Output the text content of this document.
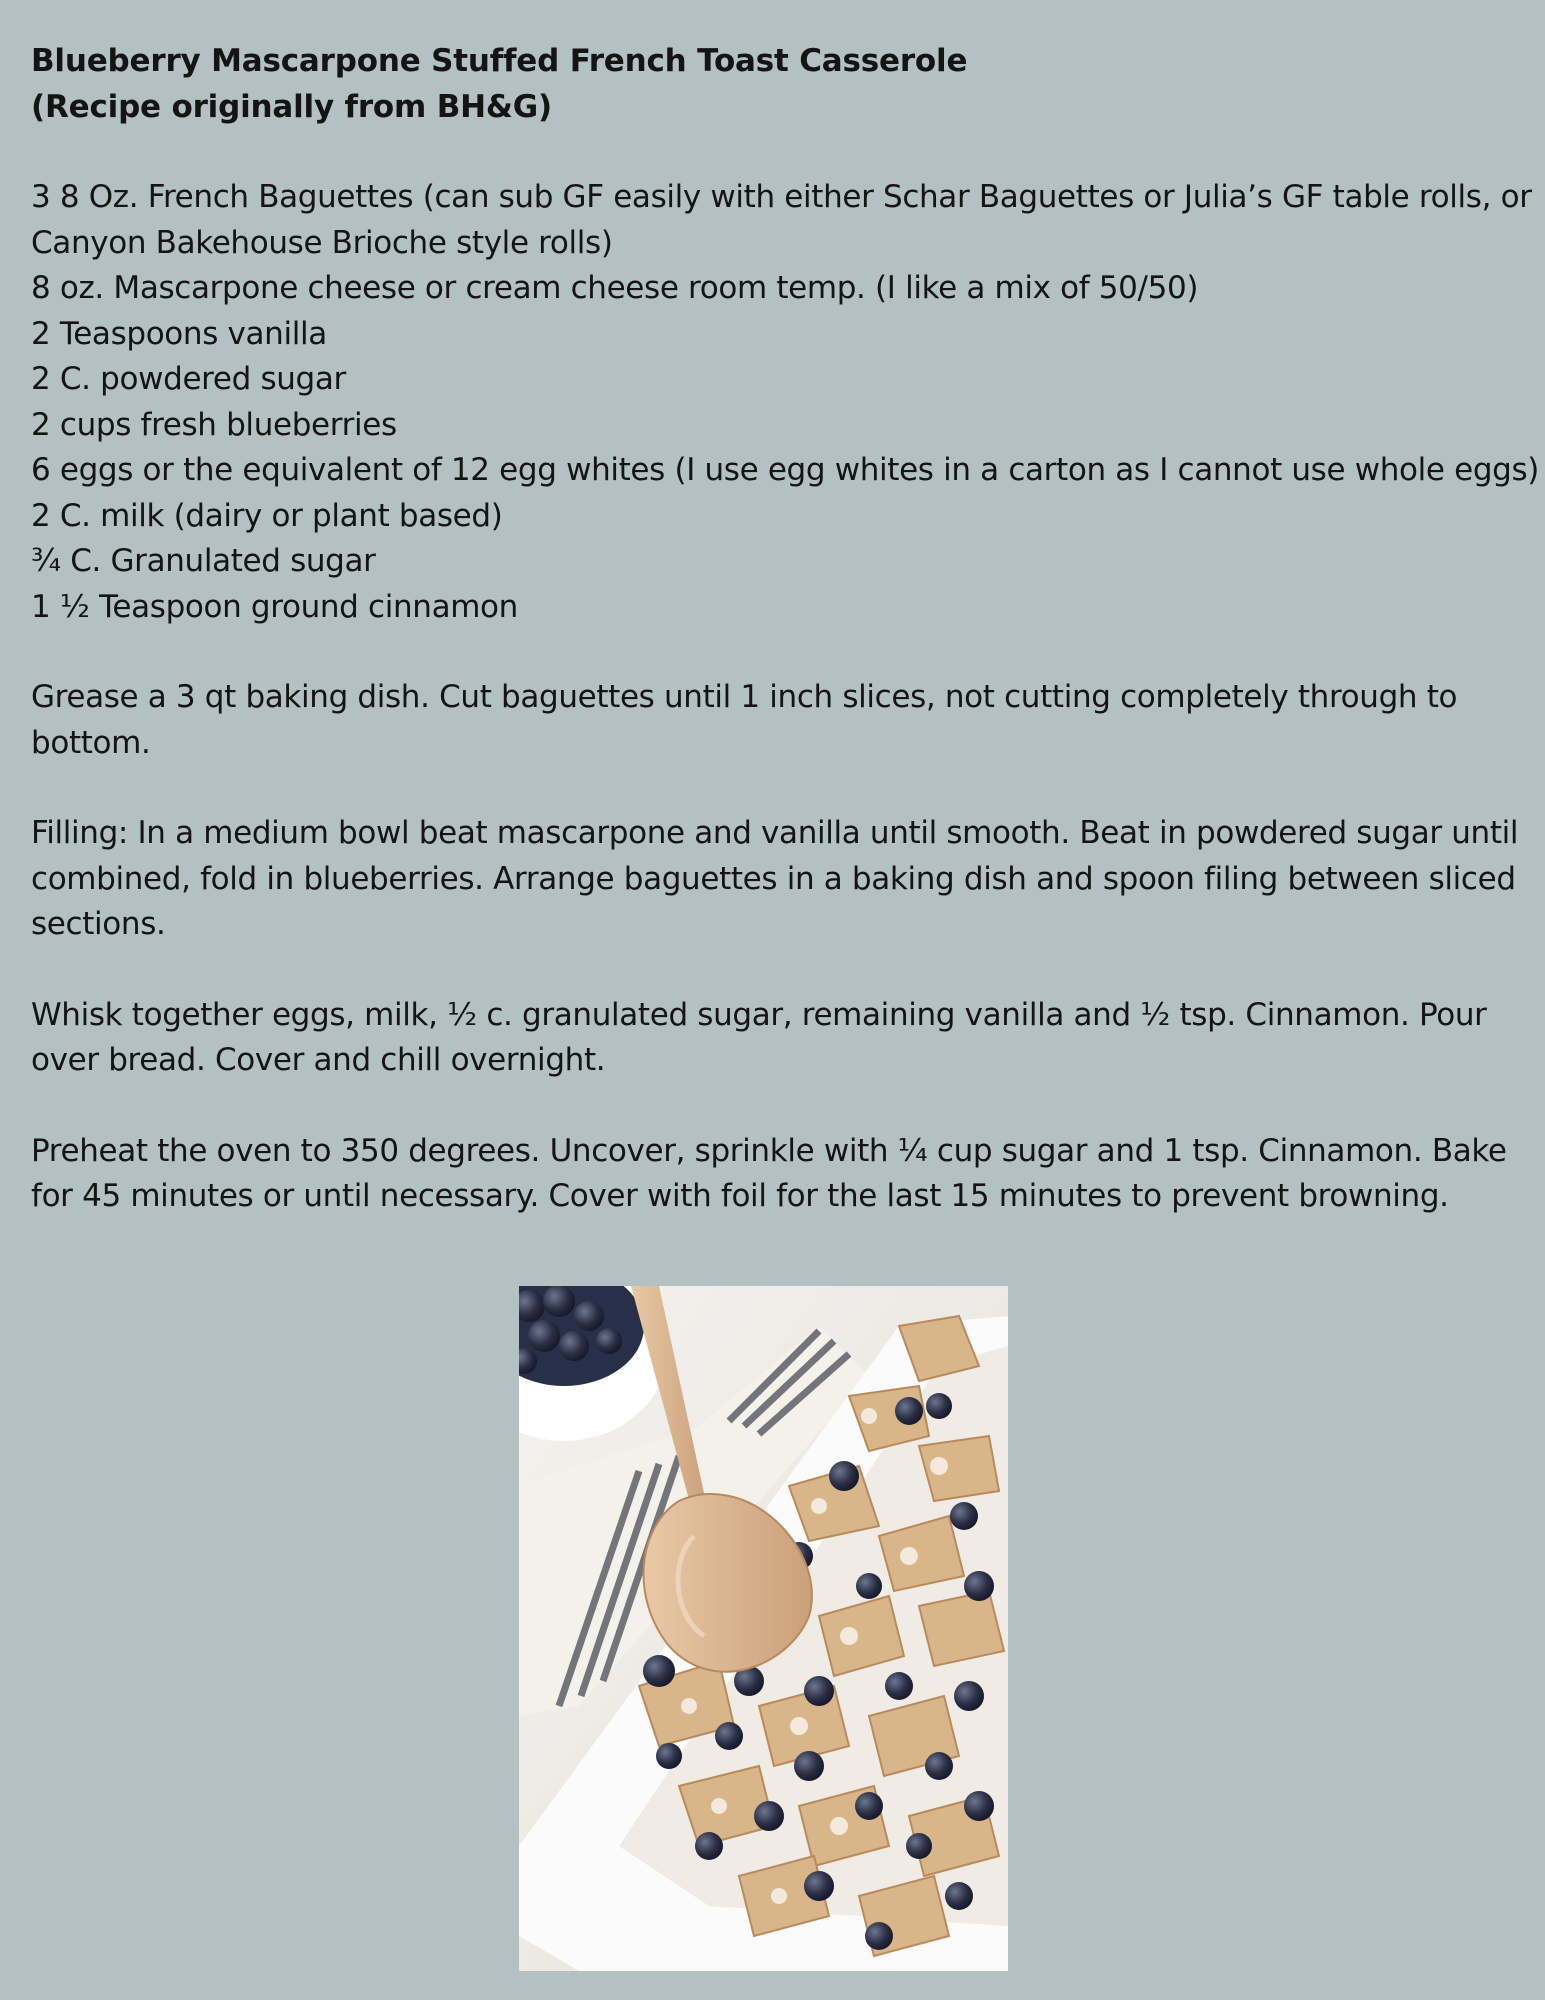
Blueberry Mascarpone Stuffed French Toast Casserole
(Recipe originally from BH&G)
3 8 Oz. French Baguettes (can sub GF easily with either Schar Baguettes or Julia’s GF table rolls, or Canyon Bakehouse Brioche style rolls)
8 oz. Mascarpone cheese or cream cheese room temp. (I like a mix of 50/50)
2 Teaspoons vanilla
2 C. powdered sugar
2 cups fresh blueberries
6 eggs or the equivalent of 12 egg whites (I use egg whites in a carton as I cannot use whole eggs)
2 C. milk (dairy or plant based)
¾ C. Granulated sugar
1 ½ Teaspoon ground cinnamon
Grease a 3 qt baking dish. Cut baguettes until 1 inch slices, not cutting completely through to bottom.
Filling: In a medium bowl beat mascarpone and vanilla until smooth. Beat in powdered sugar until combined, fold in blueberries. Arrange baguettes in a baking dish and spoon filing between sliced sections.
Whisk together eggs, milk, ½ c. granulated sugar, remaining vanilla and ½ tsp. Cinnamon. Pour over bread. Cover and chill overnight.
Preheat the oven to 350 degrees. Uncover, sprinkle with ¼ cup sugar and 1 tsp. Cinnamon. Bake for 45 minutes or until necessary. Cover with foil for the last 15 minutes to prevent browning.
